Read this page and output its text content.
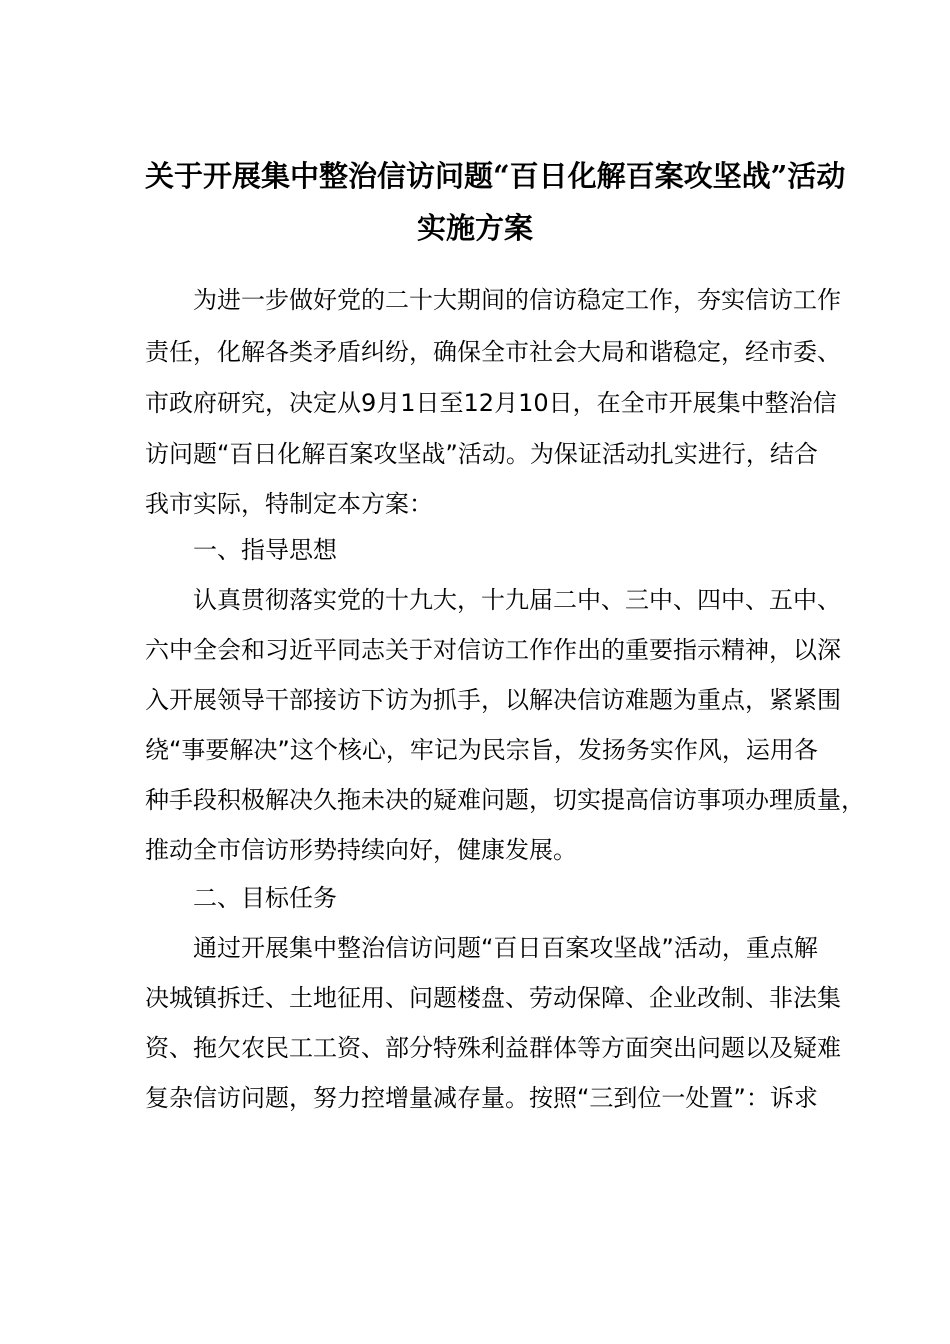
关于开展集中整治信访问题“百日化解百案攻坚战”活动
实施方案
为进一步做好党的二十大期间的信访稳定工作，夯实信访工作
责任，化解各类矛盾纠纷，确保全市社会大局和谐稳定，经市委、
市政府研究，决定从9月1日至12月10日，在全市开展集中整治信
访问题“百日化解百案攻坚战”活动。为保证活动扎实进行，结合
我市实际，特制定本方案：
一、指导思想
认真贯彻落实党的十九大，十九届二中、三中、四中、五中、
六中全会和习近平同志关于对信访工作作出的重要指示精神，以深
入开展领导干部接访下访为抓手，以解决信访难题为重点，紧紧围
绕“事要解决”这个核心，牢记为民宗旨，发扬务实作风，运用各
种手段积极解决久拖未决的疑难问题，切实提高信访事项办理质量，
推动全市信访形势持续向好，健康发展。
二、目标任务
通过开展集中整治信访问题“百日百案攻坚战”活动，重点解
决城镇拆迁、土地征用、问题楼盘、劳动保障、企业改制、非法集
资、拖欠农民工工资、部分特殊利益群体等方面突出问题以及疑难
复杂信访问题，努力控增量减存量。按照“三到位一处置”：诉求
